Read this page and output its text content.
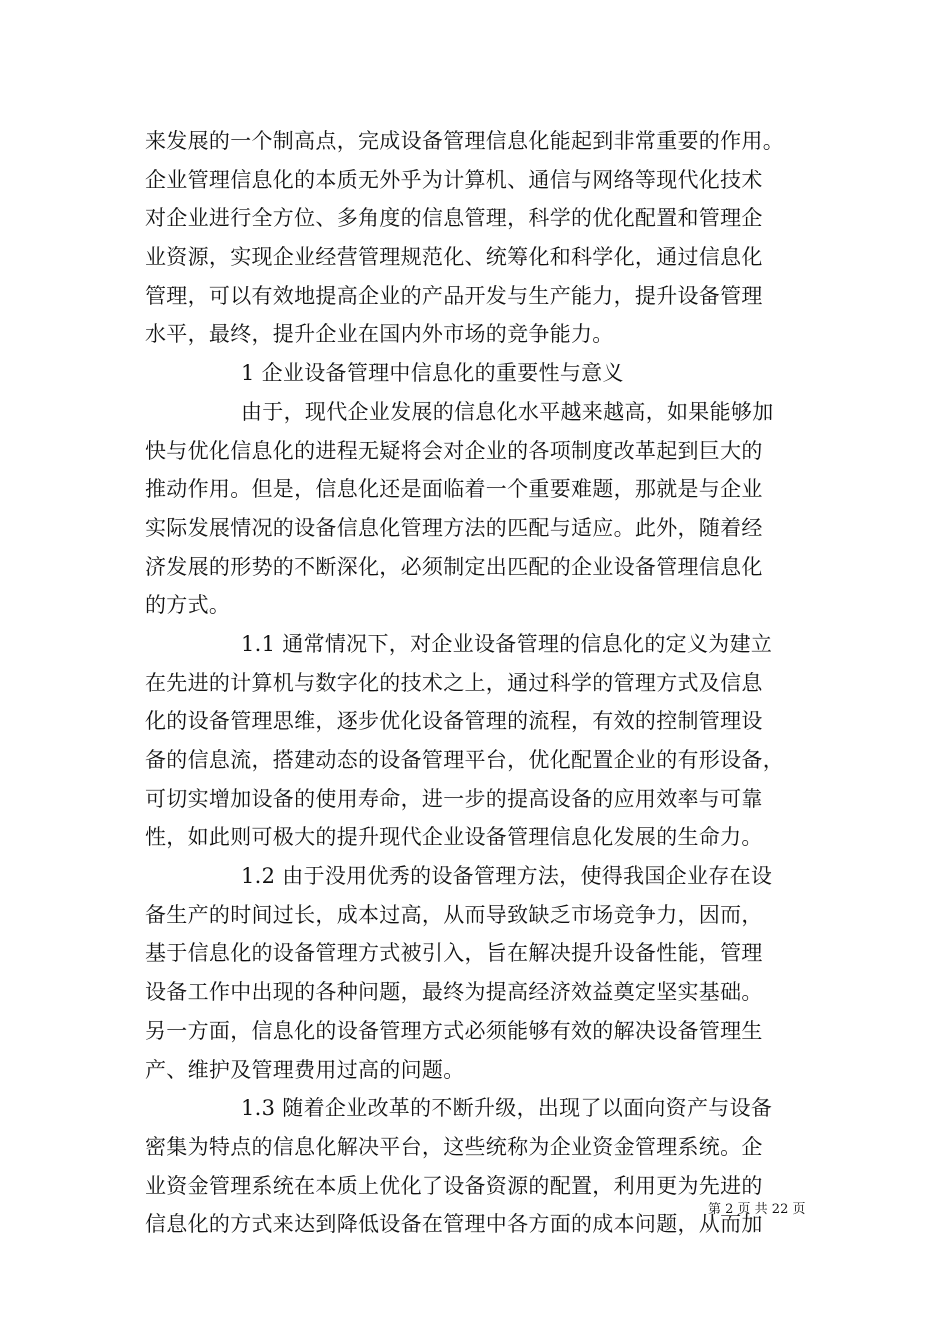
来发展的一个制高点，完成设备管理信息化能起到非常重要的作用。
企业管理信息化的本质无外乎为计算机、通信与网络等现代化技术
对企业进行全方位、多角度的信息管理，科学的优化配置和管理企
业资源，实现企业经营管理规范化、统筹化和科学化，通过信息化
管理，可以有效地提高企业的产品开发与生产能力，提升设备管理
水平，最终，提升企业在国内外市场的竞争能力。
1 企业设备管理中信息化的重要性与意义
由于，现代企业发展的信息化水平越来越高，如果能够加
快与优化信息化的进程无疑将会对企业的各项制度改革起到巨大的
推动作用。但是，信息化还是面临着一个重要难题，那就是与企业
实际发展情况的设备信息化管理方法的匹配与适应。此外，随着经
济发展的形势的不断深化，必须制定出匹配的企业设备管理信息化
的方式。
1.1 通常情况下，对企业设备管理的信息化的定义为建立
在先进的计算机与数字化的技术之上，通过科学的管理方式及信息
化的设备管理思维，逐步优化设备管理的流程，有效的控制管理设
备的信息流，搭建动态的设备管理平台，优化配置企业的有形设备，
可切实增加设备的使用寿命，进一步的提高设备的应用效率与可靠
性，如此则可极大的提升现代企业设备管理信息化发展的生命力。
1.2 由于没用优秀的设备管理方法，使得我国企业存在设
备生产的时间过长，成本过高，从而导致缺乏市场竞争力，因而，
基于信息化的设备管理方式被引入，旨在解决提升设备性能，管理
设备工作中出现的各种问题，最终为提高经济效益奠定坚实基础。
另一方面，信息化的设备管理方式必须能够有效的解决设备管理生
产、维护及管理费用过高的问题。
1.3 随着企业改革的不断升级，出现了以面向资产与设备
密集为特点的信息化解决平台，这些统称为企业资金管理系统。企
业资金管理系统在本质上优化了设备资源的配置，利用更为先进的
信息化的方式来达到降低设备在管理中各方面的成本问题，从而加
第 2 页 共 22 页
